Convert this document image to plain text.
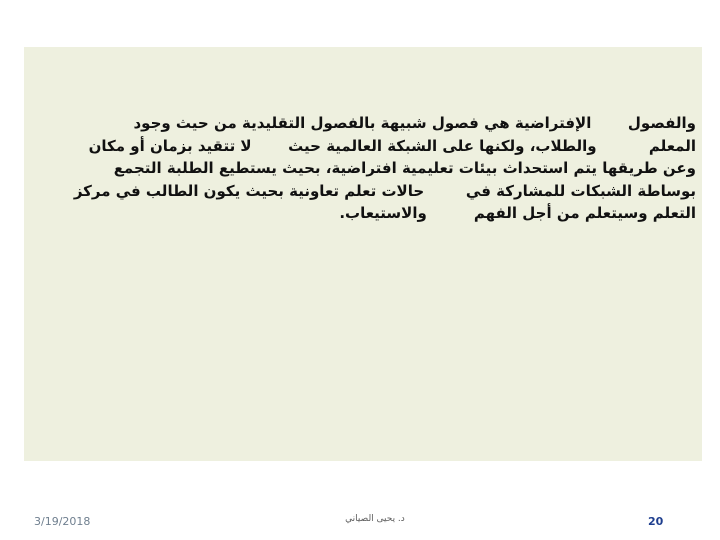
والفصول       الإفتراضية هي فصول شبيهة بالفصول التقليدية من حيث وجود
المعلم          والطلاب، ولكنها على الشبكة العالمية حيث       لا تتقيد بزمان أو مكان
وعن طريقها يتم استحداث بيئات تعليمية افتراضية، بحيث يستطيع الطلبة التجمع
بوساطة الشبكات للمشاركة في        حالات تعلم تعاونية بحيث يكون الطالب في مركز
التعلم وسيتعلم من أجل الفهم         والاستيعاب.
3/19/2018	د. يحيى الصياني	20
